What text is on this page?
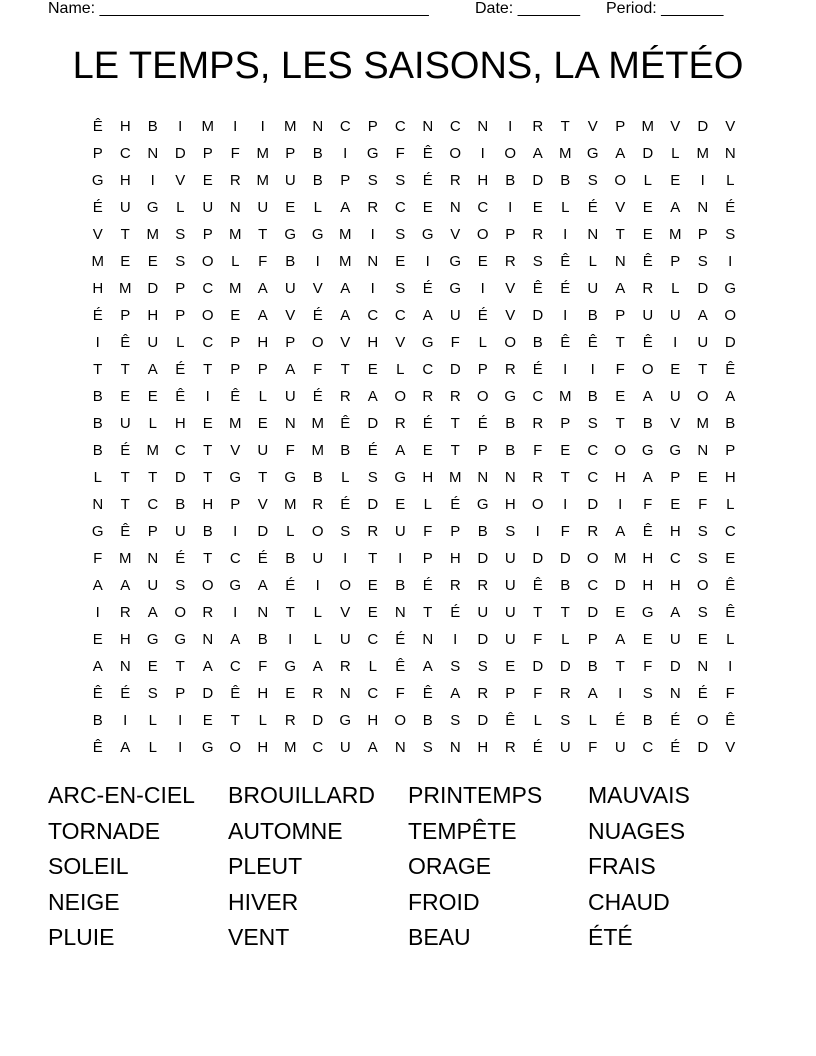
Name: _____________________________________	Date: _______ Period: _______
LE TEMPS, LES SAISONS, LA MÉTÉO
Ê	H	B	I	M	I	I	M	N	C	P	C	N	C	N	I	R	T	V	P	M	V	D	V
P	C	N	D	P	F	M	P	B	I	G	F	Ê	O	I	O	A	M	G	A	D	L	M	N
G	H	I	V	E	R	M	U	B	P	S	S	É	R	H	B	D	B	S	O	L	E	I	L
É	U	G	L	U	N	U	E	L	A	R	C	E	N	C	I	E	L	É	V	E	A	N	É
V	T	M	S	P	M	T	G	G	M	I	S	G	V	O	P	R	I	N	T	E	M	P	S
M	E	E	S	O	L	F	B	I	M	N	E	I	G	E	R	S	Ê	L	N	Ê	P	S	I
H	M	D	P	C	M	A	U	V	A	I	S	É	G	I	V	Ê	É	U	A	R	L	D	G
É	P	H	P	O	E	A	V	É	A	C	C	A	U	É	V	D	I	B	P	U	U	A	O
I	Ê	U	L	C	P	H	P	O	V	H	V	G	F	L	O	B	Ê	Ê	T	Ê	I	U	D
T	T	A	É	T	P	P	A	F	T	E	L	C	D	P	R	É	I	I	F	O	E	T	Ê
B	E	E	Ê	I	Ê	L	U	É	R	A	O	R	R	O	G	C	M	B	E	A	U	O	A
B	U	L	H	E	M	E	N	M	Ê	D	R	É	T	É	B	R	P	S	T	B	V	M	B
B	É	M	C	T	V	U	F	M	B	É	A	E	T	P	B	F	E	C	O	G	G	N	P
L	T	T	D	T	G	T	G	B	L	S	G	H	M	N	N	R	T	C	H	A	P	E	H
N	T	C	B	H	P	V	M	R	É	D	E	L	É	G	H	O	I	D	I	F	E	F	L
G	Ê	P	U	B	I	D	L	O	S	R	U	F	P	B	S	I	F	R	A	Ê	H	S	C
F	M	N	É	T	C	É	B	U	I	T	I	P	H	D	U	D	D	O	M	H	C	S	E
A	A	U	S	O	G	A	É	I	O	E	B	É	R	R	U	Ê	B	C	D	H	H	O	Ê
I	R	A	O	R	I	N	T	L	V	E	N	T	É	U	U	T	T	D	E	G	A	S	Ê
E	H	G	G	N	A	B	I	L	U	C	É	N	I	D	U	F	L	P	A	E	U	E	L
A	N	E	T	A	C	F	G	A	R	L	Ê	A	S	S	E	D	D	B	T	F	D	N	I
Ê	É	S	P	D	Ê	H	E	R	N	C	F	Ê	A	R	P	F	R	A	I	S	N	É	F
B	I	L	I	E	T	L	R	D	G	H	O	B	S	D	Ê	L	S	L	É	B	É	O	Ê
Ê	A	L	I	G	O	H	M	C	U	A	N	S	N	H	R	É	U	F	U	C	É	D	V
ARC-EN-CIEL	BROUILLARD	PRINTEMPS	MAUVAIS
TORNADE	AUTOMNE	TEMPÊTE	NUAGES
SOLEIL	PLEUT	ORAGE	FRAIS
NEIGE	HIVER	FROID	CHAUD
PLUIE	VENT	BEAU	ÉTÉ
